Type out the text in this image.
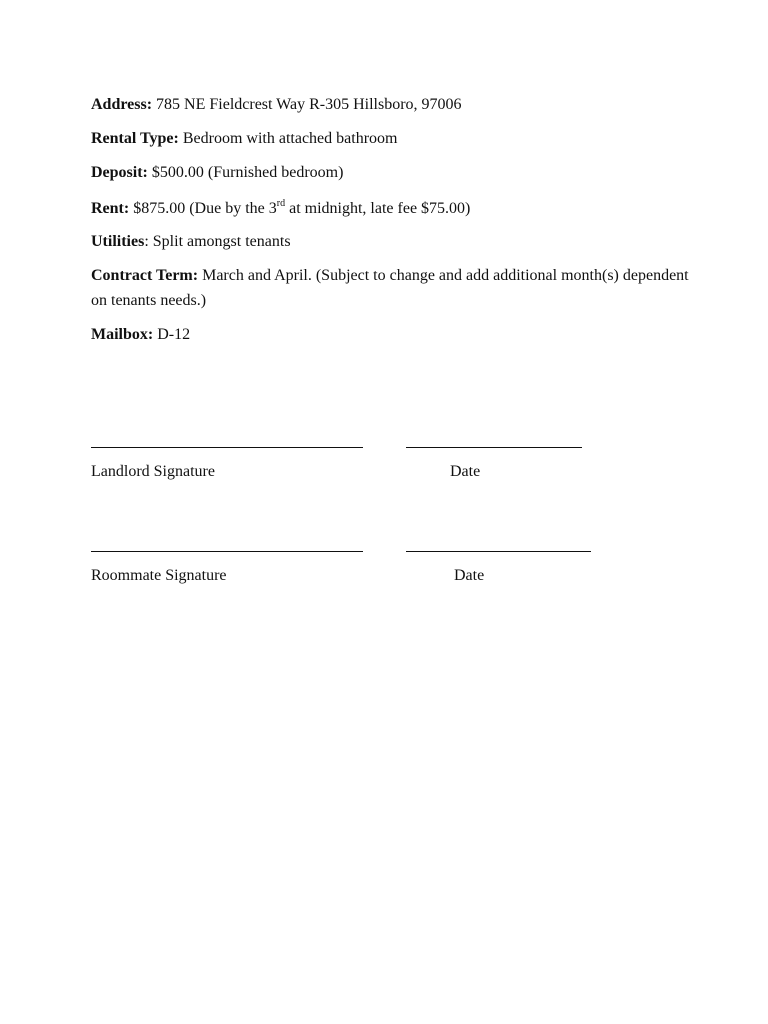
Address: 785 NE Fieldcrest Way R-305 Hillsboro, 97006
Rental Type: Bedroom with attached bathroom
Deposit: $500.00 (Furnished bedroom)
Rent: $875.00 (Due by the 3rd at midnight, late fee $75.00)
Utilities: Split amongst tenants
Contract Term: March and April. (Subject to change and add additional month(s) dependent on tenants needs.)
Mailbox: D-12
Landlord Signature	Date
Roommate Signature	Date
